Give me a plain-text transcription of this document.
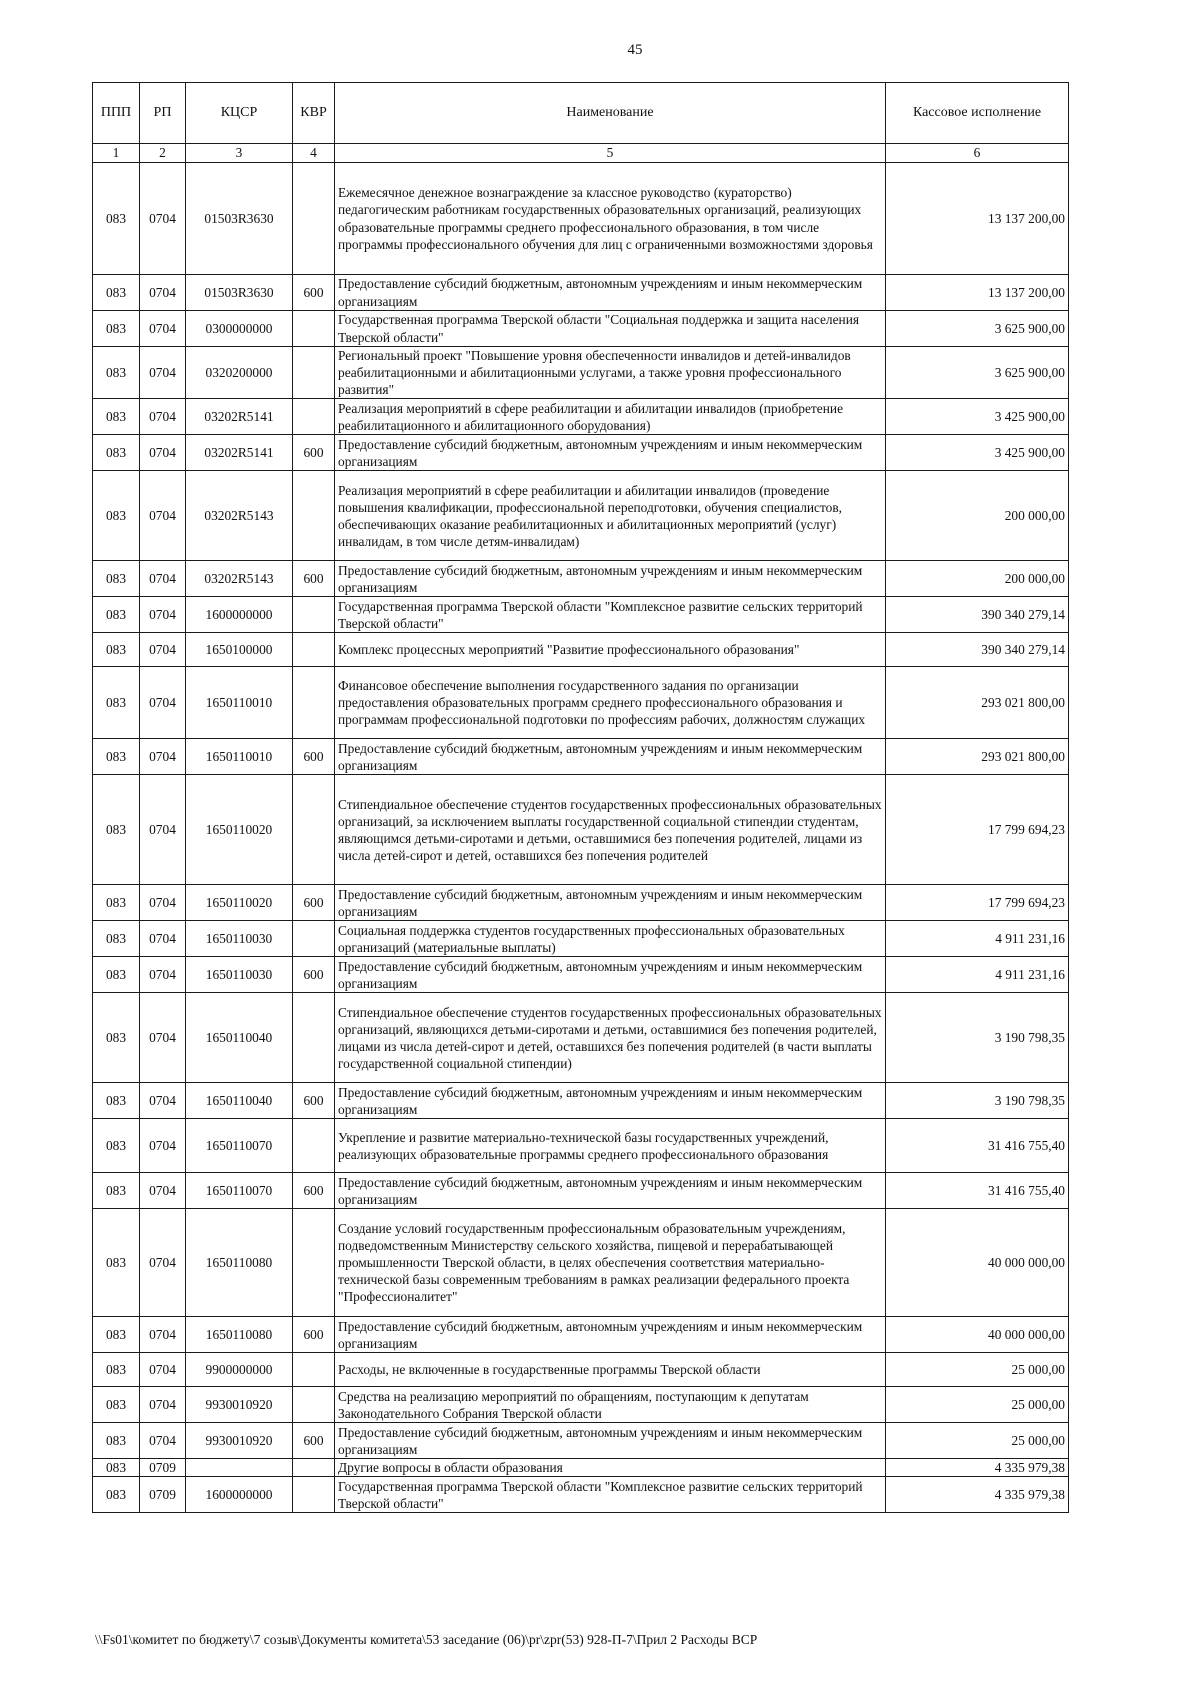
45
ППП	РП	КЦСР	КВР	Наименование	Кассовое исполнение
1	2	3	4	5	6
083	0704	01503R3630		Ежемесячное денежное вознаграждение за классное руководство (кураторство) педагогическим работникам государственных образовательных организаций, реализующих образовательные программы среднего профессионального образования, в том числе программы профессионального обучения для лиц с ограниченными возможностями здоровья	13 137 200,00
083	0704	01503R3630	600	Предоставление субсидий бюджетным, автономным учреждениям и иным некоммерческим организациям	13 137 200,00
083	0704	0300000000		Государственная программа Тверской области "Социальная поддержка и защита населения Тверской области"	3 625 900,00
083	0704	0320200000		Региональный проект "Повышение уровня обеспеченности инвалидов и детей-инвалидов реабилитационными и абилитационными услугами, а также уровня профессионального развития"	3 625 900,00
083	0704	03202R5141		Реализация мероприятий в сфере реабилитации и абилитации инвалидов (приобретение реабилитационного и абилитационного оборудования)	3 425 900,00
083	0704	03202R5141	600	Предоставление субсидий бюджетным, автономным учреждениям и иным некоммерческим организациям	3 425 900,00
083	0704	03202R5143		Реализация мероприятий в сфере реабилитации и абилитации инвалидов (проведение повышения квалификации, профессиональной переподготовки, обучения специалистов, обеспечивающих оказание реабилитационных и абилитационных мероприятий (услуг) инвалидам, в том числе детям-инвалидам)	200 000,00
083	0704	03202R5143	600	Предоставление субсидий бюджетным, автономным учреждениям и иным некоммерческим организациям	200 000,00
083	0704	1600000000		Государственная программа Тверской области "Комплексное развитие сельских территорий Тверской области"	390 340 279,14
083	0704	1650100000		Комплекс процессных мероприятий "Развитие профессионального образования"	390 340 279,14
083	0704	1650110010		Финансовое обеспечение выполнения государственного задания по организации предоставления образовательных программ среднего профессионального образования и программам профессиональной подготовки по профессиям рабочих, должностям служащих	293 021 800,00
083	0704	1650110010	600	Предоставление субсидий бюджетным, автономным учреждениям и иным некоммерческим организациям	293 021 800,00
083	0704	1650110020		Стипендиальное обеспечение студентов государственных профессиональных образовательных организаций, за исключением выплаты государственной социальной стипендии студентам, являющимся детьми-сиротами и детьми, оставшимися без попечения родителей, лицами из числа детей-сирот и детей, оставшихся без попечения родителей	17 799 694,23
083	0704	1650110020	600	Предоставление субсидий бюджетным, автономным учреждениям и иным некоммерческим организациям	17 799 694,23
083	0704	1650110030		Социальная поддержка студентов государственных профессиональных образовательных организаций (материальные выплаты)	4 911 231,16
083	0704	1650110030	600	Предоставление субсидий бюджетным, автономным учреждениям и иным некоммерческим организациям	4 911 231,16
083	0704	1650110040		Стипендиальное обеспечение студентов государственных профессиональных образовательных организаций, являющихся детьми-сиротами и детьми, оставшимися без попечения родителей, лицами из числа детей-сирот и детей, оставшихся без попечения родителей (в части выплаты государственной социальной стипендии)	3 190 798,35
083	0704	1650110040	600	Предоставление субсидий бюджетным, автономным учреждениям и иным некоммерческим организациям	3 190 798,35
083	0704	1650110070		Укрепление и развитие материально-технической базы государственных учреждений, реализующих образовательные программы среднего профессионального образования	31 416 755,40
083	0704	1650110070	600	Предоставление субсидий бюджетным, автономным учреждениям и иным некоммерческим организациям	31 416 755,40
083	0704	1650110080		Создание условий государственным профессиональным образовательным учреждениям, подведомственным Министерству сельского хозяйства, пищевой и перерабатывающей промышленности Тверской области, в целях обеспечения соответствия материально-технической базы современным требованиям в рамках реализации федерального проекта "Профессионалитет"	40 000 000,00
083	0704	1650110080	600	Предоставление субсидий бюджетным, автономным учреждениям и иным некоммерческим организациям	40 000 000,00
083	0704	9900000000		Расходы, не включенные в государственные программы Тверской области	25 000,00
083	0704	9930010920		Средства на реализацию мероприятий по обращениям, поступающим к депутатам Законодательного Собрания Тверской области	25 000,00
083	0704	9930010920	600	Предоставление субсидий бюджетным, автономным учреждениям и иным некоммерческим организациям	25 000,00
083	0709			Другие вопросы в области образования	4 335 979,38
083	0709	1600000000		Государственная программа Тверской области "Комплексное развитие сельских территорий Тверской области"	4 335 979,38
\\Fs01\комитет по бюджету\7 созыв\Документы комитета\53 заседание (06)\pr\zpr(53) 928-П-7\Прил 2 Расходы ВСР
